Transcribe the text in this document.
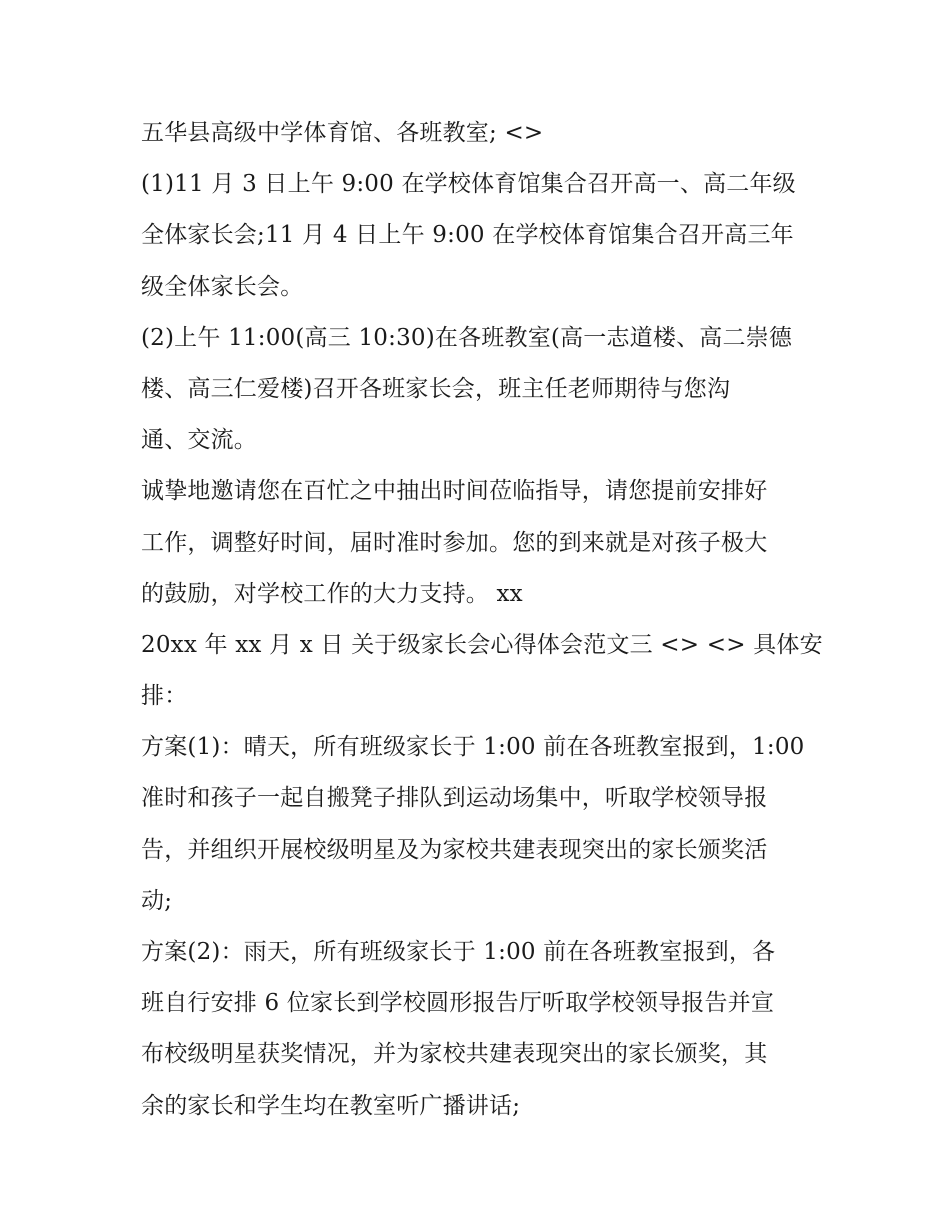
五华县高级中学体育馆、各班教室; <>
(1)11 月 3 日上午 9:00 在学校体育馆集合召开高一、高二年级
全体家长会;11 月 4 日上午 9:00 在学校体育馆集合召开高三年
级全体家长会。
(2)上午 11:00(高三 10:30)在各班教室(高一志道楼、高二崇德
楼、高三仁爱楼)召开各班家长会，班主任老师期待与您沟
通、交流。
诚挚地邀请您在百忙之中抽出时间莅临指导，请您提前安排好
工作，调整好时间，届时准时参加。您的到来就是对孩子极大
的鼓励，对学校工作的大力支持。 xx
20xx 年 xx 月 x 日 关于级家长会心得体会范文三 <> <> 具体安
排：
方案(1)：晴天，所有班级家长于 1:00 前在各班教室报到，1:00
准时和孩子一起自搬凳子排队到运动场集中，听取学校领导报
告，并组织开展校级明星及为家校共建表现突出的家长颁奖活
动;
方案(2)：雨天，所有班级家长于 1:00 前在各班教室报到，各
班自行安排 6 位家长到学校圆形报告厅听取学校领导报告并宣
布校级明星获奖情况，并为家校共建表现突出的家长颁奖，其
余的家长和学生均在教室听广播讲话;
